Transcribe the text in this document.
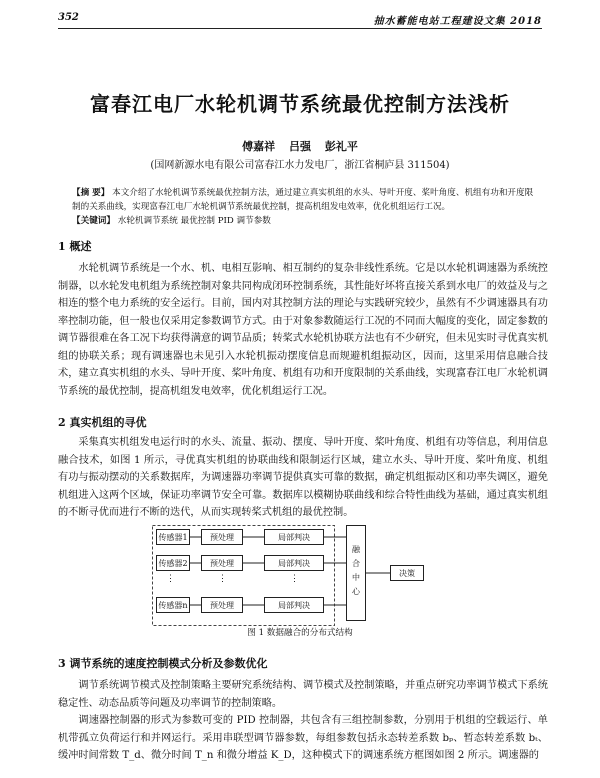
352	抽水蓄能电站工程建设文集 2018
富春江电厂水轮机调节系统最优控制方法浅析
傅嘉祥 吕强 彭礼平
(国网新源水电有限公司富春江水力发电厂，浙江省桐庐县 311504)

【摘 要】 本文介绍了水轮机调节系统最优控制方法，通过建立真实机组的水头、导叶开度、桨叶角度、机组有功和开度限制的关系曲线，实现富春江电厂水轮机调节系统最优控制，提高机组发电效率，优化机组运行工况。

【关键词】 水轮机调节系统 最优控制 PID 调节参数

1 概述

水轮机调节系统是一个水、机、电相互影响、相互制约的复杂非线性系统。它是以水轮机调速器为系统控制器，以水轮发电机组为系统控制对象共同构成闭环控制系统，其性能好坏将直接关系到水电厂的效益及与之相连的整个电力系统的安全运行。目前，国内对其控制方法的理论与实践研究较少，虽然有不少调速器具有功率控制功能，但一般也仅采用定参数调节方式。由于对象参数随运行工况的不同而大幅度的变化，固定参数的调节器很难在各工况下均获得满意的调节品质；转桨式水轮机协联方法也有不少研究，但未见实时寻优真实机组的协联关系；现有调速器也未见引入水轮机振动摆度信息而规避机组振动区，因而，这里采用信息融合技术，建立真实机组的水头、导叶开度、桨叶角度、机组有功和开度限制的关系曲线，实现富春江电厂水轮机调节系统的最优控制，提高机组发电效率，优化机组运行工况。

2 真实机组的寻优

采集真实机组发电运行时的水头、流量、振动、摆度、导叶开度、桨叶角度、机组有功等信息，利用信息融合技术，如图 1 所示，寻优真实机组的协联曲线和限制运行区域，建立水头、导叶开度、桨叶角度、机组有功与振动摆动的关系数据库，为调速器功率调节提供真实可靠的数据，确定机组振动区和功率失调区，避免机组进入这两个区域，保证功率调节安全可靠。数据库以模糊协联曲线和综合特性曲线为基础，通过真实机组的不断寻优而进行不断的迭代，从而实现转桨式机组的最优控制。

传感器1
传感器2
传感器n
预处理
预处理
预处理
局部判决
局部判决
局部判决
⋮	⋮	⋮	融合中心	决策
图 1 数据融合的分布式结构
3 调节系统的速度控制模式分析及参数优化

调节系统调节模式及控制策略主要研究系统结构、调节模式及控制策略，并重点研究功率调节模式下系统稳定性、动态品质等问题及功率调节的控制策略。

调速器控制器的形式为参数可变的 PID 控制器，共包含有三组控制参数，分别用于机组的空载运行、单机带孤立负荷运行和并网运行。采用串联型调节器参数，每组参数包括永态转差系数 bₚ、暂态转差系数 bₜ、缓冲时间常数 T_d、微分时间 T_n 和微分增益 K_D，这种模式下的调速系统方框图如图 2 所示。调速器的
